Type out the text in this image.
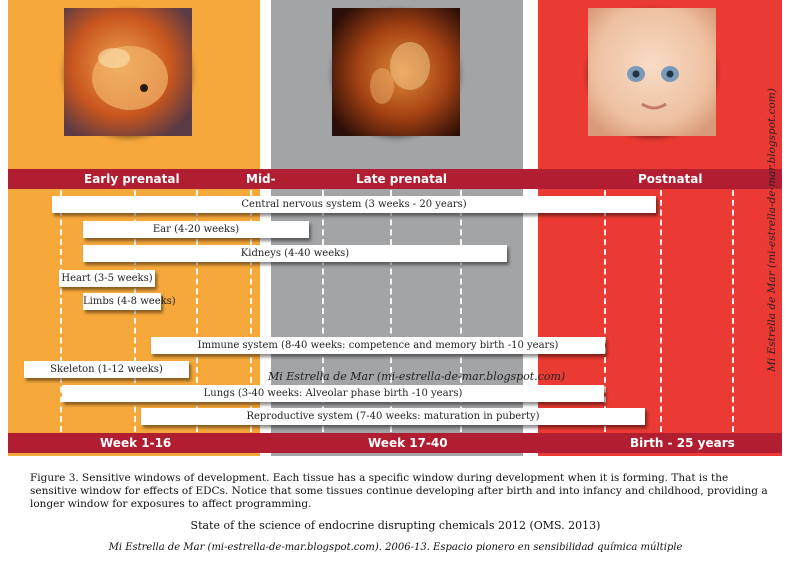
Early prenatal	Mid-	Late prenatal	Postnatal
Central nervous system (3 weeks - 20 years)
Ear (4-20 weeks)
Kidneys (4-40 weeks)
Heart (3-5 weeks)
Limbs (4-8 weeks)
Immune system (8-40 weeks: competence and memory birth -10 years)
Skeleton (1-12 weeks)
Lungs (3-40 weeks: Alveolar phase birth -10 years)
Reproductive system (7-40 weeks: maturation in puberty)
Mi Estrella de Mar (mi-estrella-de-mar.blogspot.com)
Week 1-16	Week 17-40	Birth - 25 years
Mi Estrella de Mar (mi-estrella-de-mar.blogspot.com)
Figure 3. Sensitive windows of development. Each tissue has a specific window during development when it is forming. That is the sensitive window for effects of EDCs. Notice that some tissues continue developing after birth and into infancy and childhood, providing a longer window for exposures to affect programming.
State of the science of endocrine disrupting chemicals 2012 (OMS. 2013)
Mi Estrella de Mar (mi-estrella-de-mar.blogspot.com). 2006-13. Espacio pionero en sensibilidad química múltiple
